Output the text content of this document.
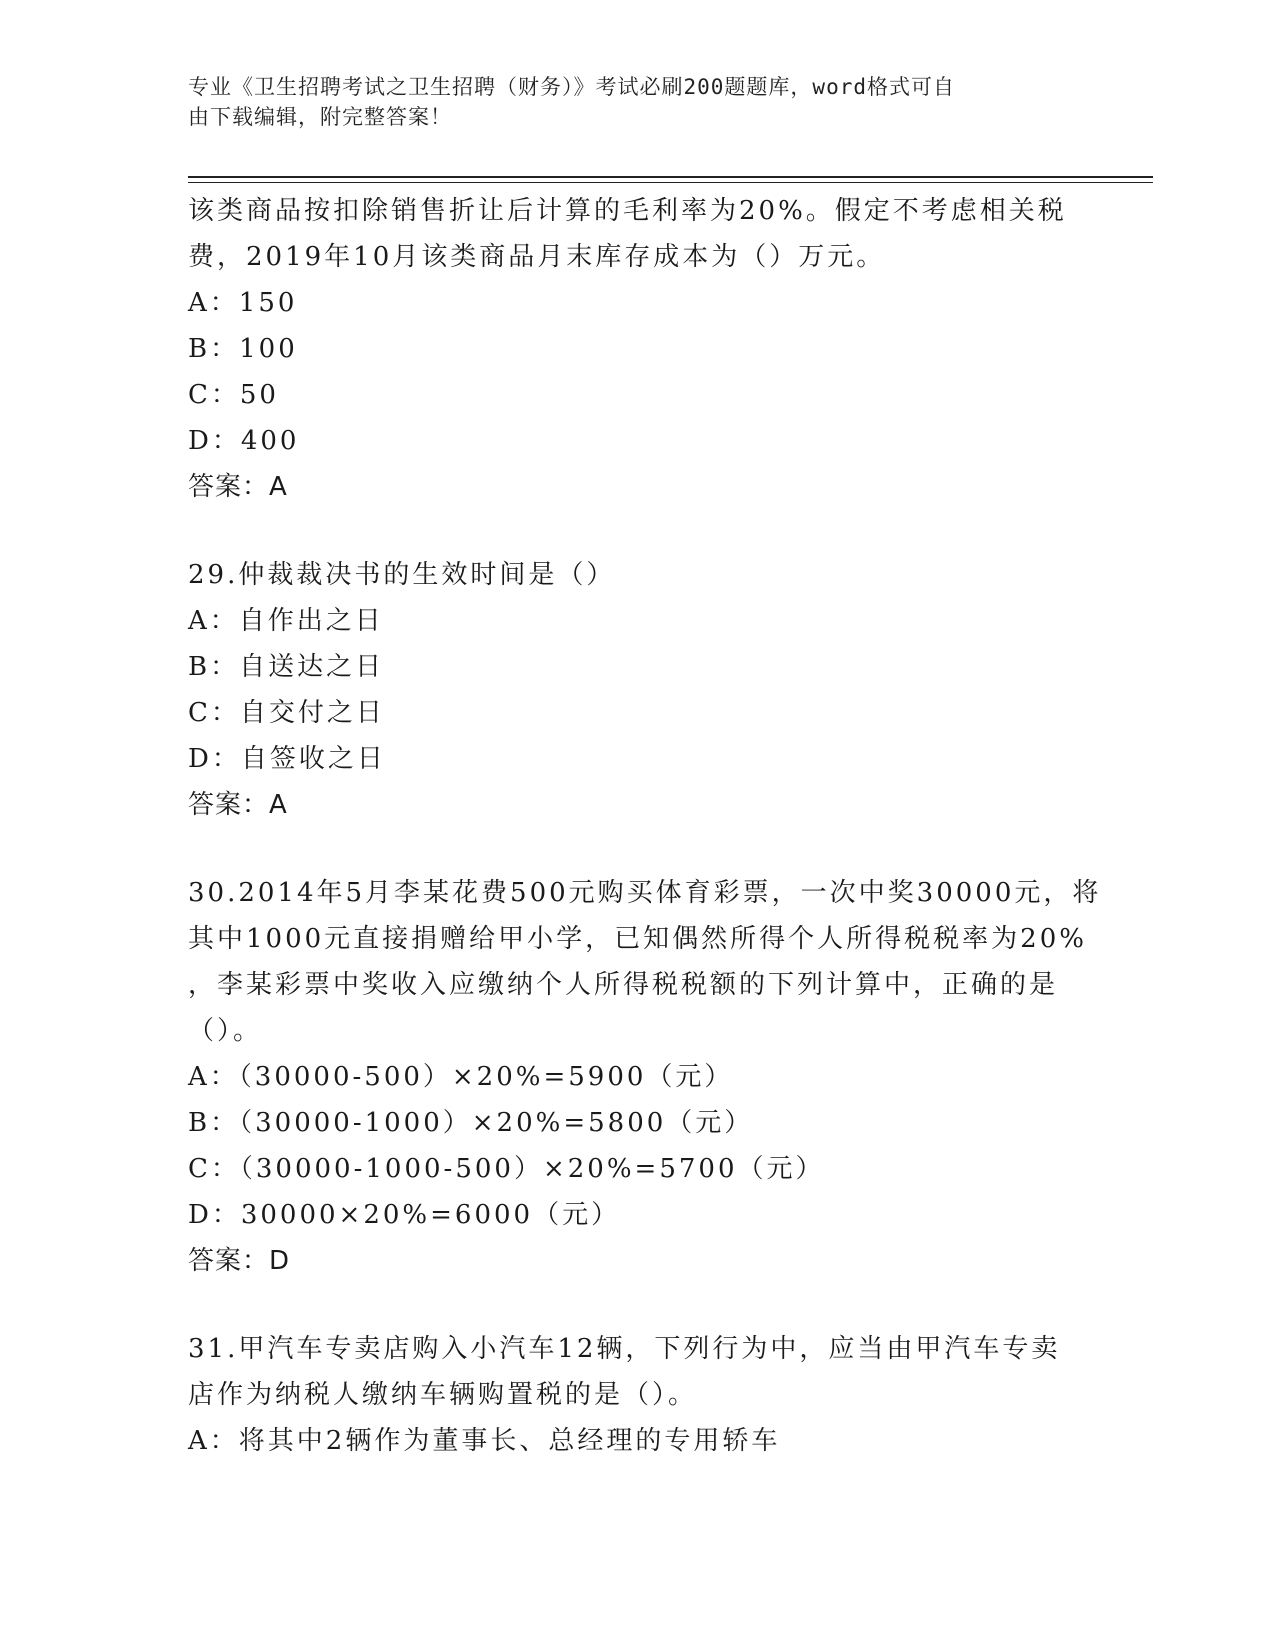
专业《卫生招聘考试之卫生招聘（财务）》考试必刷200题题库，word格式可自
由下载编辑，附完整答案！
该类商品按扣除销售折让后计算的毛利率为20%。假定不考虑相关税
费，2019年10月该类商品月末库存成本为（）万元。
A：150
B：100
C：50
D：400
答案：A
29.仲裁裁决书的生效时间是（）
A：自作出之日
B：自送达之日
C：自交付之日
D：自签收之日
答案：A
30.2014年5月李某花费500元购买体育彩票，一次中奖30000元，将
其中1000元直接捐赠给甲小学，已知偶然所得个人所得税税率为20%
，李某彩票中奖收入应缴纳个人所得税税额的下列计算中，正确的是
（）。
A：（30000-500）×20%=5900（元）
B：（30000-1000）×20%=5800（元）
C：（30000-1000-500）×20%=5700（元）
D：30000×20%=6000（元）
答案：D
31.甲汽车专卖店购入小汽车12辆，下列行为中，应当由甲汽车专卖
店作为纳税人缴纳车辆购置税的是（）。
A：将其中2辆作为董事长、总经理的专用轿车
